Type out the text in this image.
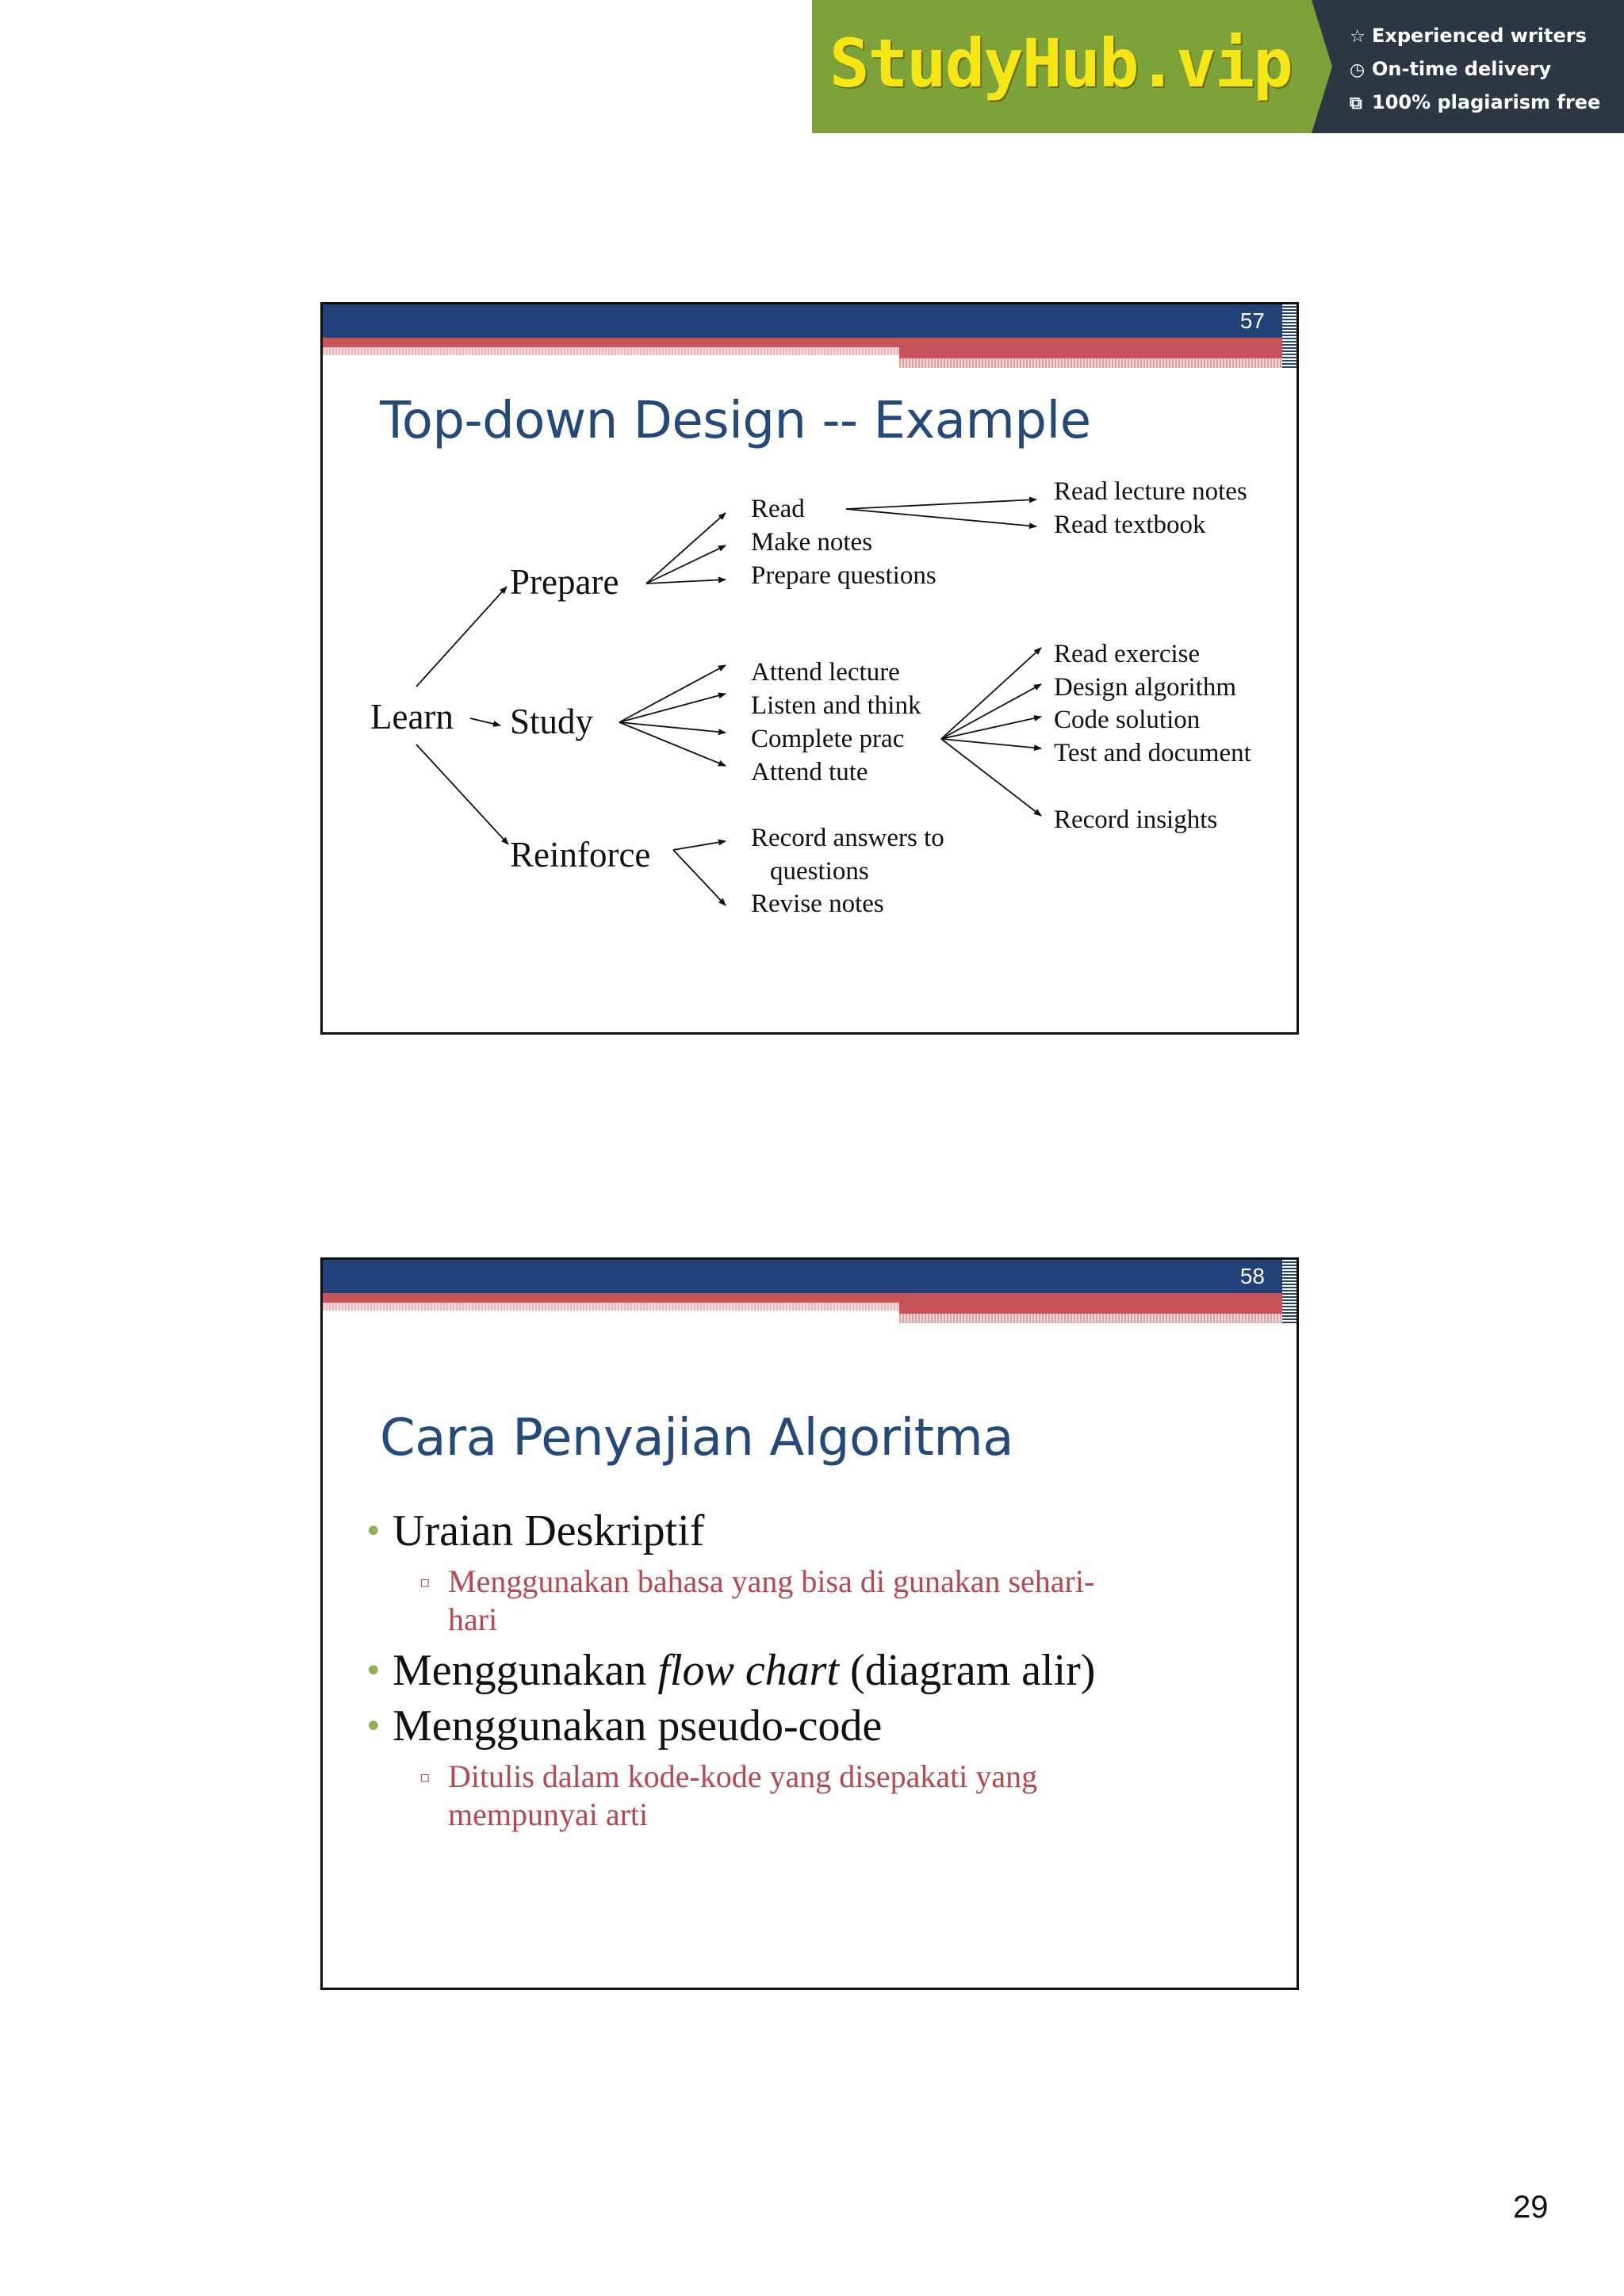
StudyHub.vip	☆ Experienced writers
◷ On-time delivery
⧉ 100% plagiarism free
57
Top-down Design -- Example
Learn
Prepare
Study
Reinforce
Read
Make notes
Prepare questions
Read lecture notes
Read textbook
Attend lecture
Listen and think
Complete prac
Attend tute
Read exercise
Design algorithm
Code solution
Test and document
Record insights
Record answers to
questions
Revise notes
58
Cara Penyajian Algoritma
• Uraian Deskriptif
▫ Menggunakan bahasa yang bisa di gunakan sehari-
hari
• Menggunakan flow chart (diagram alir)
• Menggunakan pseudo-code
▫ Ditulis dalam kode-kode yang disepakati yang
mempunyai arti
29
